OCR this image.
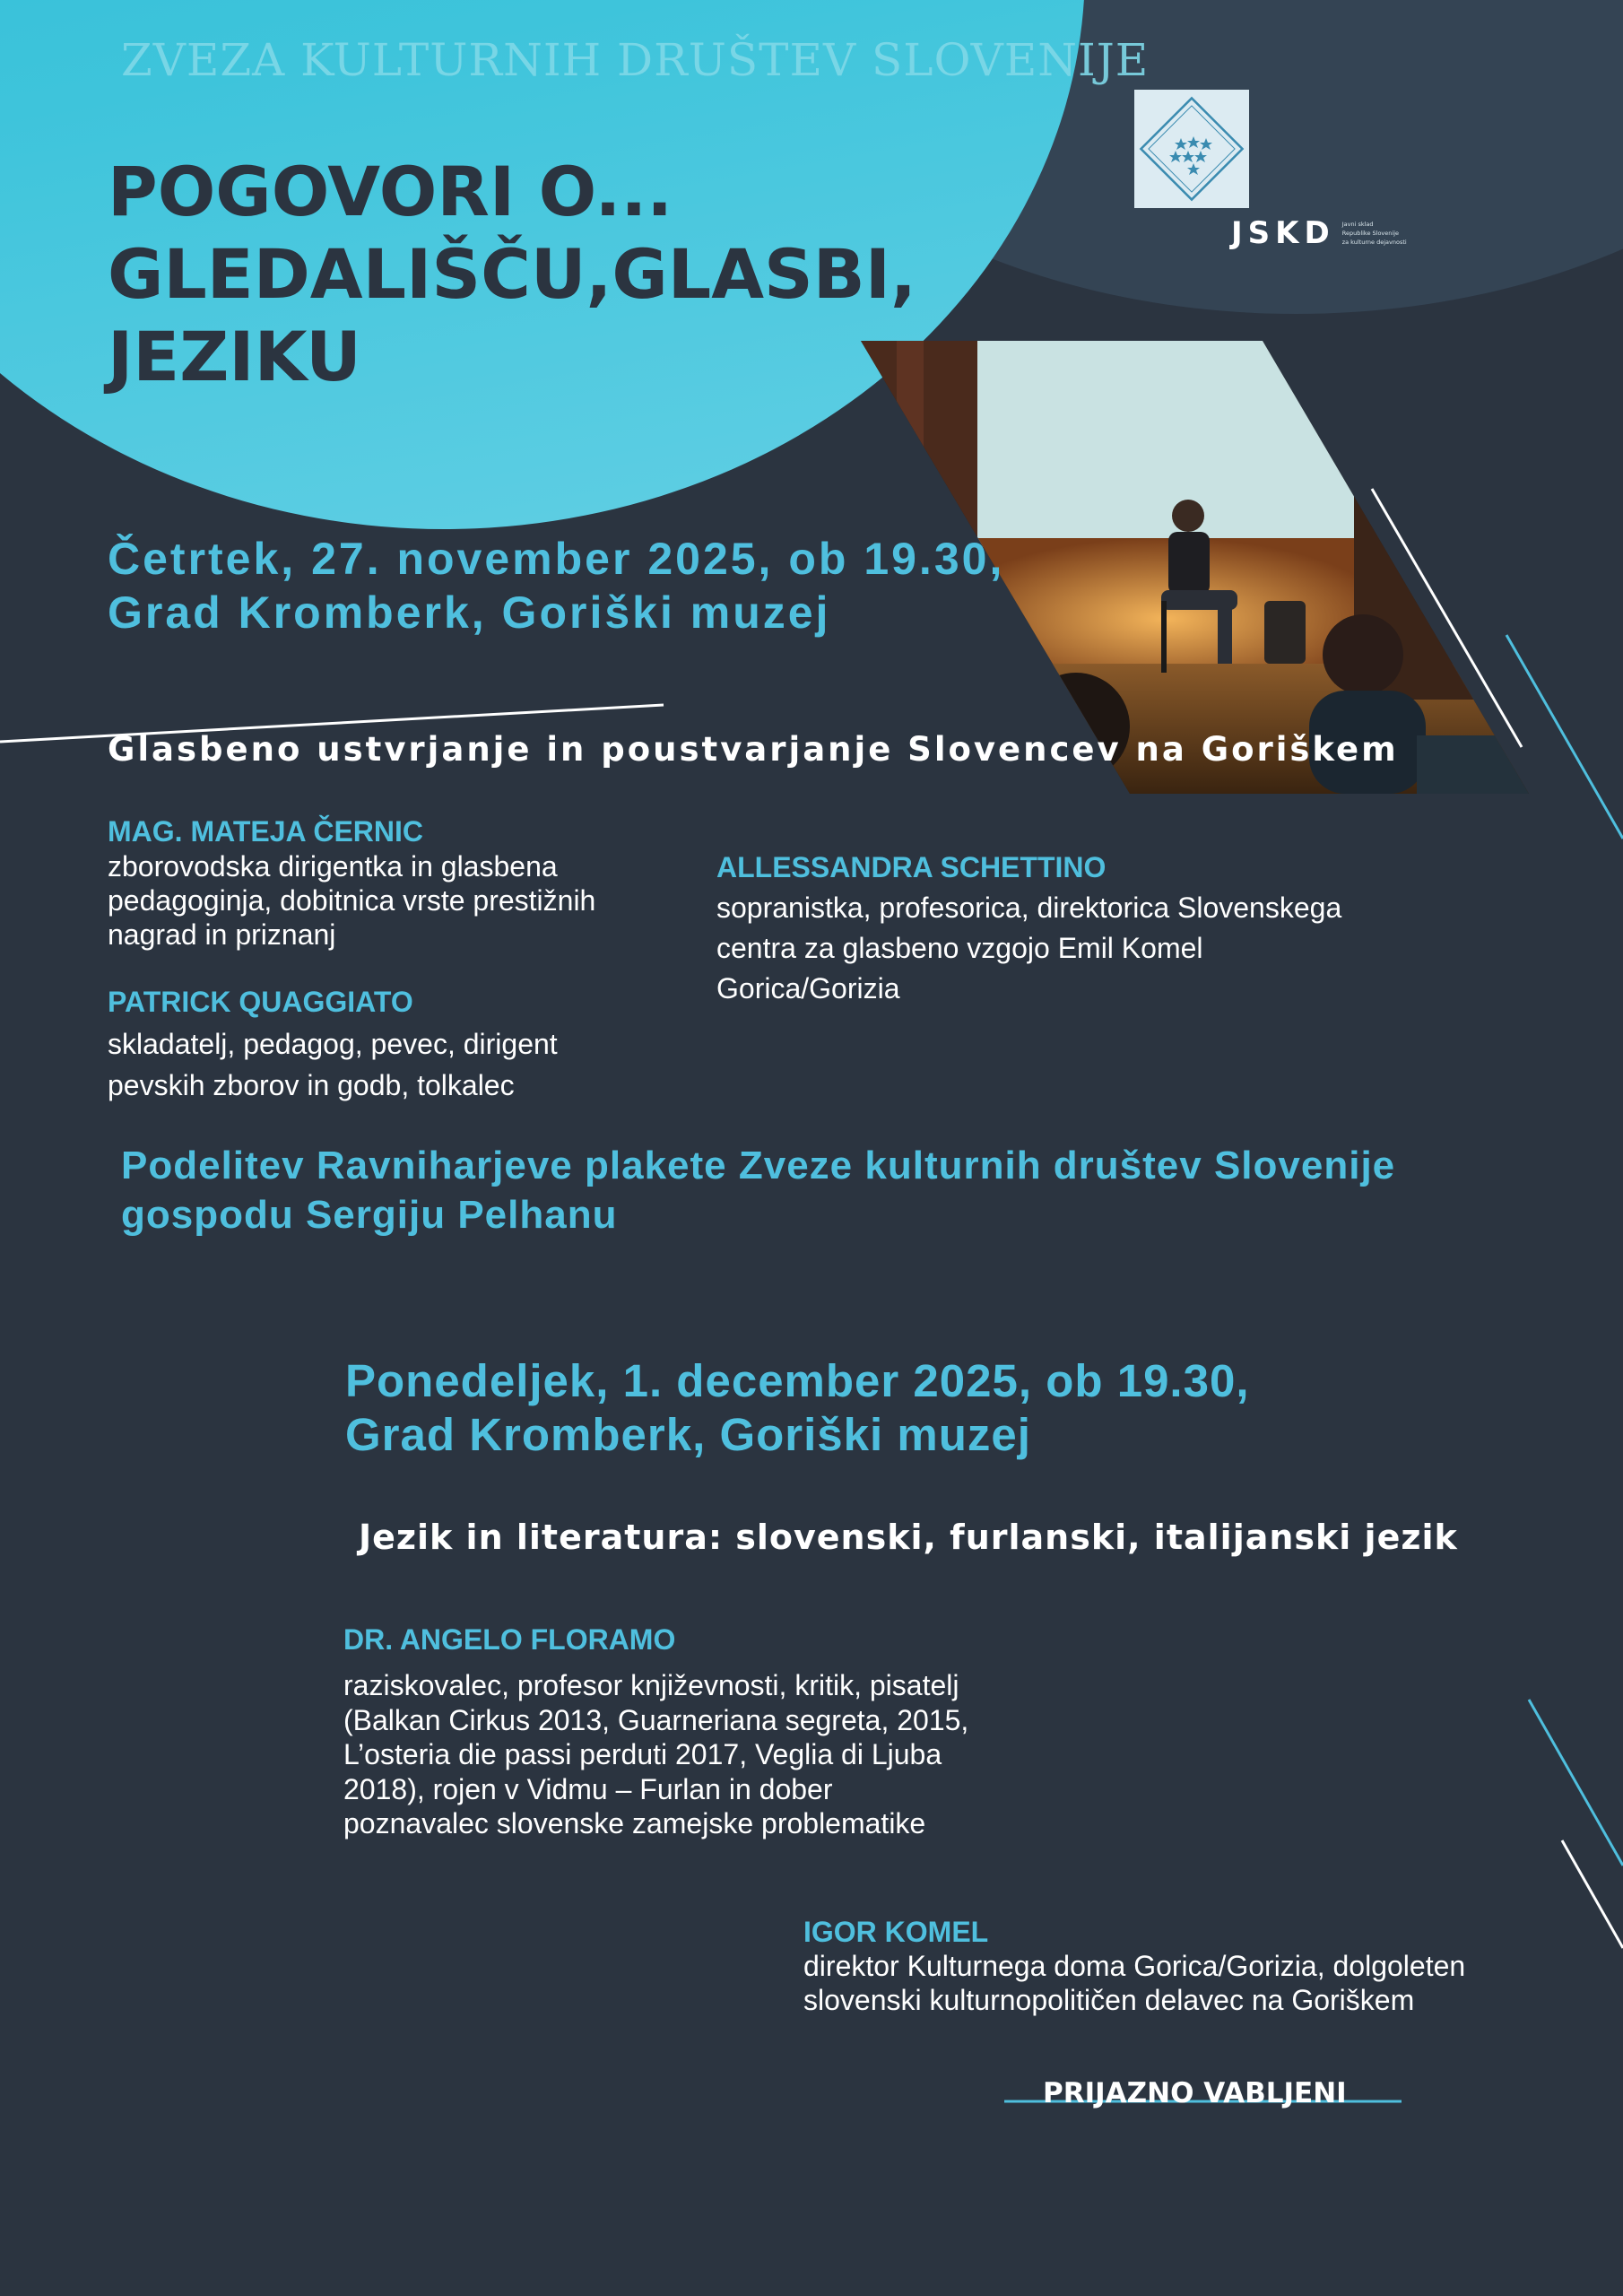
ZVEZA KULTURNIH DRUŠTEV SLOVENIJE
POGOVORI O...
GLEDALIŠČU,GLASBI,
JEZIKU
JSKD Javni sklad
Republike Slovenije
za kulturne dejavnosti
Četrtek, 27. november 2025, ob 19.30,
Grad Kromberk, Goriški muzej
Glasbeno ustvrjanje in poustvarjanje Slovencev na Goriškem
MAG. MATEJA ČERNIC
zborovodska dirigentka in glasbena
pedagoginja, dobitnica vrste prestižnih
nagrad in priznanj
PATRICK QUAGGIATO
skladatelj, pedagog, pevec, dirigent
pevskih zborov in godb, tolkalec
ALLESSANDRA SCHETTINO
sopranistka, profesorica, direktorica Slovenskega
centra za glasbeno vzgojo Emil Komel
Gorica/Gorizia
Podelitev Ravniharjeve plakete Zveze kulturnih društev Slovenije
gospodu Sergiju Pelhanu
Ponedeljek, 1. december 2025, ob 19.30,
Grad Kromberk, Goriški muzej
Jezik in literatura: slovenski, furlanski, italijanski jezik
DR. ANGELO FLORAMO
raziskovalec, profesor književnosti, kritik, pisatelj
(Balkan Cirkus 2013, Guarneriana segreta, 2015,
L’osteria die passi perduti 2017, Veglia di Ljuba
2018), rojen v Vidmu – Furlan in dober
poznavalec slovenske zamejske problematike
IGOR KOMEL
direktor Kulturnega doma Gorica/Gorizia, dolgoleten
slovenski kulturnopolitičen delavec na Goriškem
PRIJAZNO VABLJENI
